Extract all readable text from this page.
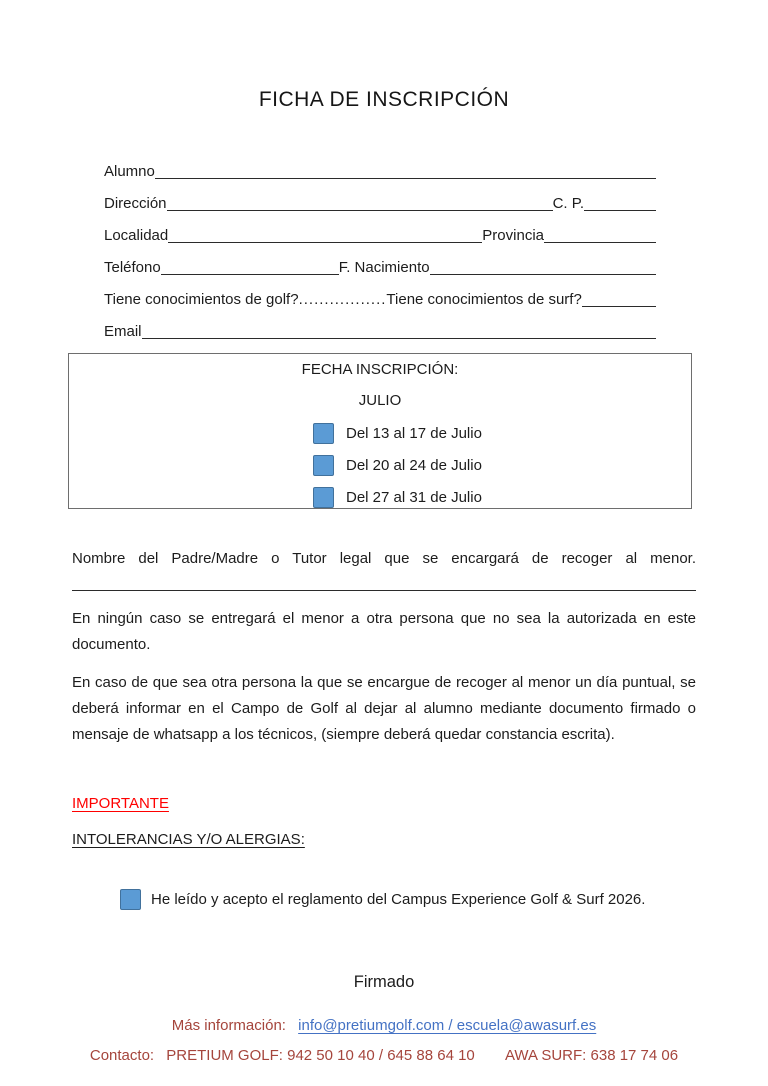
FICHA DE INSCRIPCIÓN
Alumno
Dirección	C. P.
Localidad	Provincia
Teléfono	F. Nacimiento
Tiene conocimientos de golf? ................. Tiene conocimientos de surf?
Email
FECHA INSCRIPCIÓN:
JULIO
Del 13 al 17 de Julio
Del 20 al 24 de Julio
Del 27 al 31 de Julio

Nombre del Padre/Madre o Tutor legal que se encargará de recoger al menor.

En ningún caso se entregará el menor a otra persona que no sea la autorizada en este documento.

En caso de que sea otra persona la que se encargue de recoger al menor un día puntual, se deberá informar en el Campo de Golf al dejar al alumno mediante documento firmado o mensaje de whatsapp a los técnicos, (siempre deberá quedar constancia escrita).

IMPORTANTE
INTOLERANCIAS Y/O ALERGIAS:
He leído y acepto el reglamento del Campus Experience Golf & Surf 2026.
Firmado
Más información: info@pretiumgolf.com / escuela@awasurf.es
Contacto: PRETIUM GOLF: 942 50 10 40 / 645 88 64 10 AWA SURF: 638 17 74 06
